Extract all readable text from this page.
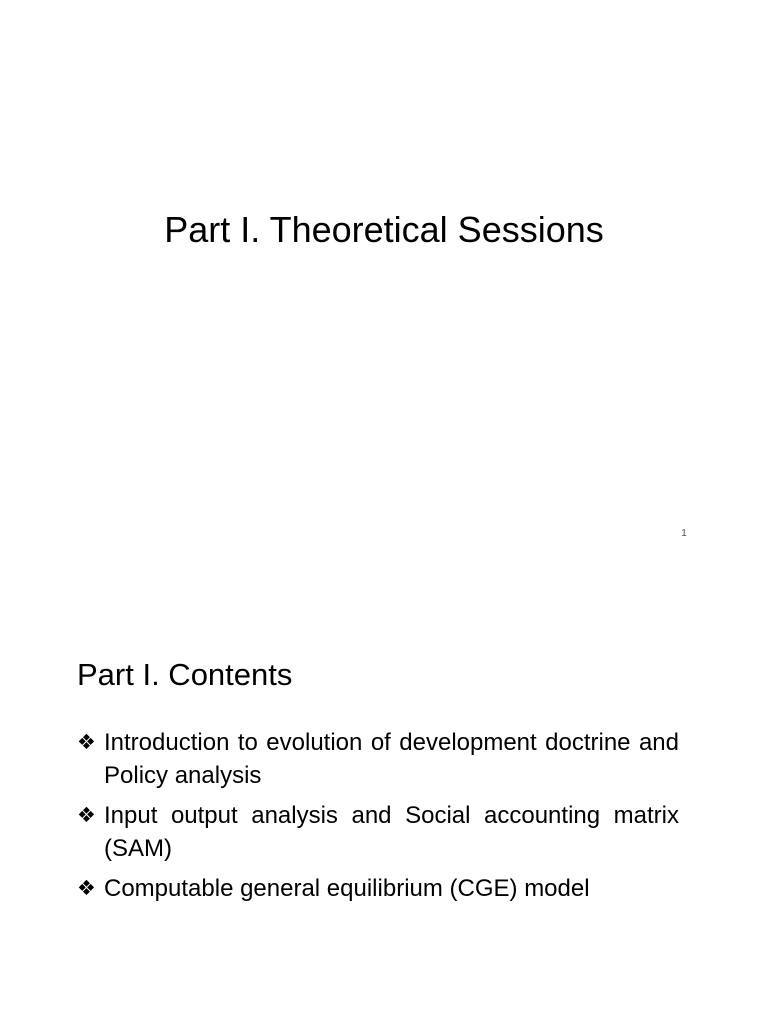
Part I. Theoretical Sessions
1
Part I. Contents
❖ Introduction to evolution of development doctrine and Policy analysis
❖ Input output analysis and Social accounting matrix (SAM)
❖ Computable general equilibrium (CGE) model
